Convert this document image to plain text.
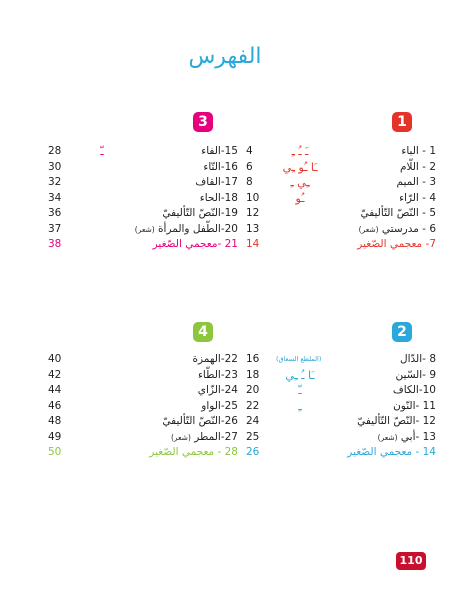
الفهرس
1
3
2
4
1 - الباء
ـَ ـُ ـِ
4
2 - اللّام
ـَا ـُو ـِي
6
3 - الميم
ـِي ـِ
8
4 - الرّاء
ـُو
10
5 - النّصّ التّأليفيّ
12
6 - مدرستي (شعر)
13
7- معجمي الصّغير
14
15-الفاء
ـّ
28
16-التّاء
30
17-القاف
32
18-الحاء
34
19-النّصّ التّأليفيّ
36
20-الطّفل والمرأة (شعر)
37
21 -معجمي الصّغير
38
8 -الدّال
(الملطع السعاق)
16
9 -السّين
ـَا ـُ ـِي
18
10-الكاف
ـّ
20
11 -النّون
ـِ
22
12 -النّصّ التّأليفيّ
24
13 -أبي (شعر)
25
14 - معجمي الصّغير
26
22-الهمزة
40
23-الطّاء
42
24-الزّاي
44
25-الواو
46
26-النّصّ التّأليفيّ
48
27-المطر (شعر)
49
28 - معجمي الصّغير
50
110
